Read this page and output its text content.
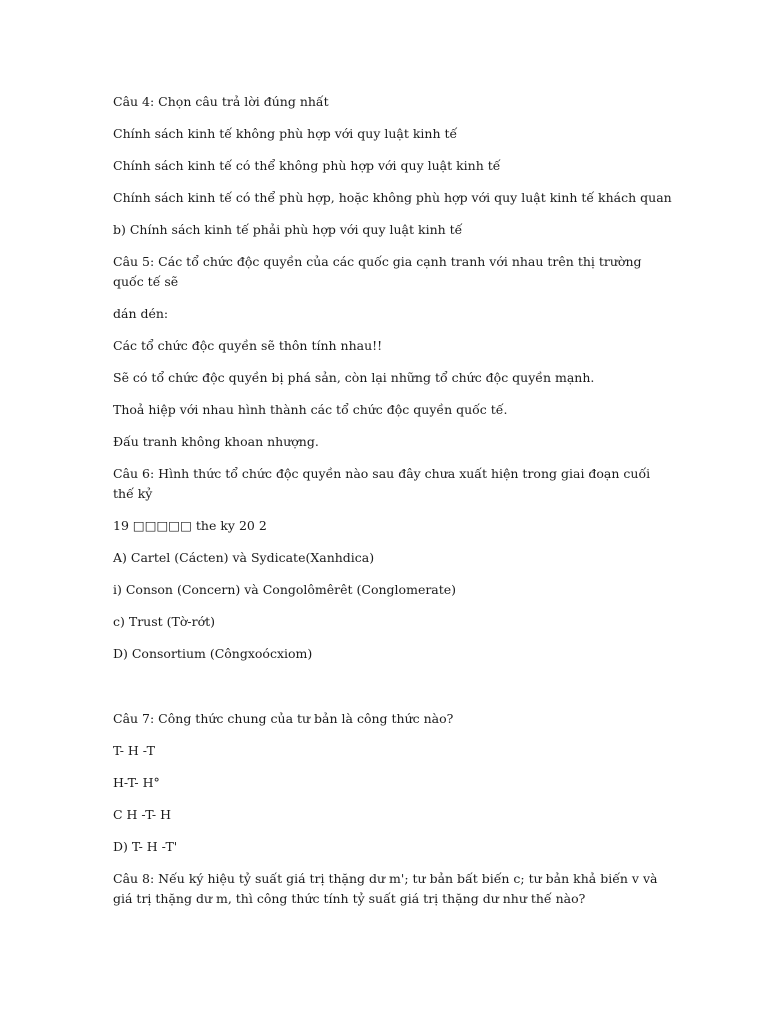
Câu 4: Chọn câu trả lời đúng nhất
Chính sách kinh tế không phù hợp với quy luật kinh tế
Chính sách kinh tế có thể không phù hợp với quy luật kinh tế
Chính sách kinh tế có thể phù hợp, hoặc không phù hợp với quy luật kinh tế khách quan
b) Chính sách kinh tế phải phù hợp với quy luật kinh tế
Câu 5: Các tổ chức độc quyền của các quốc gia cạnh tranh với nhau trên thị trường quốc tế sẽ
dán dén:
Các tổ chức độc quyền sẽ thôn tính nhau!!
Sẽ có tổ chức độc quyền bị phá sản, còn lại những tổ chức độc quyền mạnh.
Thoả hiệp với nhau hình thành các tổ chức độc quyền quốc tế.
Đấu tranh không khoan nhượng.
Câu 6: Hình thức tổ chức độc quyền nào sau đây chưa xuất hiện trong giai đoạn cuối thế kỷ
19 □□□□□ the ky 20 2
A) Cartel (Cácten) và Sydicate(Xanhdica)
i) Conson (Concern) và Congolômêrêt (Conglomerate)
c) Trust (Tờ-rớt)
D) Consortium (Côngxoócxiom)
Câu 7: Công thức chung của tư bản là công thức nào?
T- H -T
H-T- H°
C H -T- H
D) T- H -T'
Câu 8: Nếu ký hiệu tỷ suất giá trị thặng dư m'; tư bản bất biến c; tư bản khả biến v và giá trị thặng dư m, thì công thức tính tỷ suất giá trị thặng dư như thế nào?
